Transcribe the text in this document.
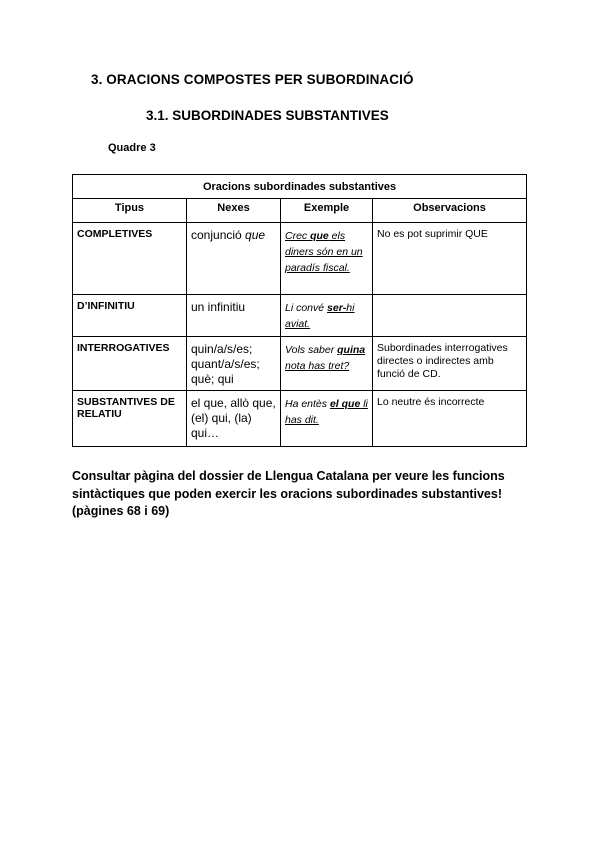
3. ORACIONS COMPOSTES PER SUBORDINACIÓ
3.1. SUBORDINADES SUBSTANTIVES
Quadre 3
Oracions subordinades substantives			
Tipus	Nexes	Exemple	Observacions
COMPLETIVES	conjunció que	Crec que els diners són en un paradís fiscal.	No es pot suprimir QUE
D’INFINITIU	un infinitiu	Li convé ser-hi aviat.	
INTERROGATIVES	quin/a/s/es; quant/a/s/es; què; qui	Vols saber quina nota has tret?	Subordinades interrogatives directes o indirectes amb funció de CD.
SUBSTANTIVES DE RELATIU	el que, allò que, (el) qui, (la) qui…	Ha entès el que li has dit.	Lo neutre és incorrecte
Consultar pàgina del dossier de Llengua Catalana per veure les funcions sintàctiques que poden exercir les oracions subordinades substantives! (pàgines 68 i 69)
